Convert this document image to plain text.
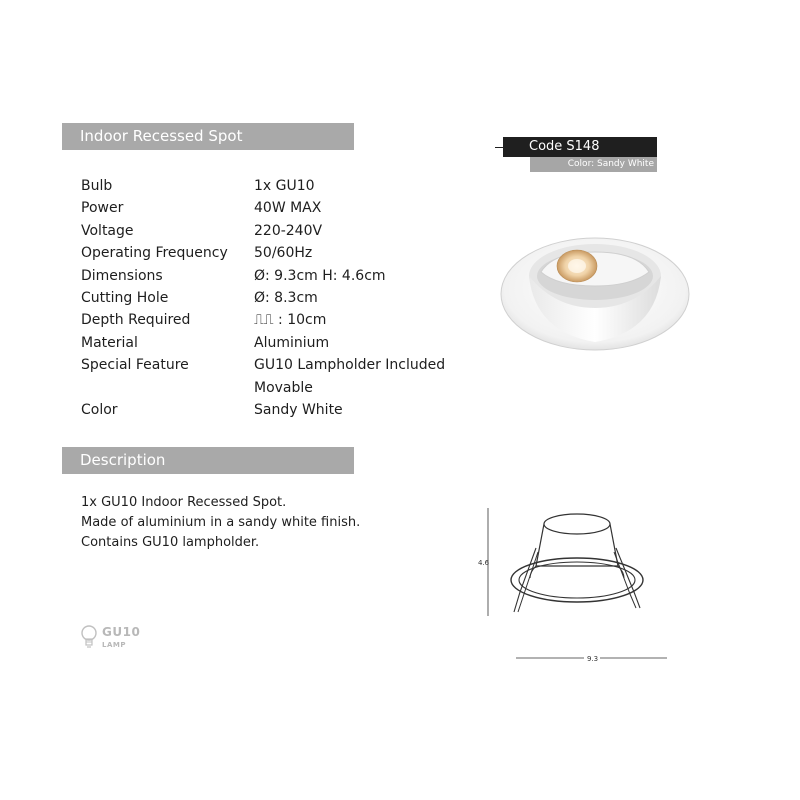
Indoor Recessed Spot
Bulb	1x GU10
Power	40W MAX
Voltage	220-240V
Operating Frequency	50/60Hz
Dimensions	Ø: 9.3cm H: 4.6cm
Cutting Hole	Ø: 8.3cm
Depth Required	⎍⎍ : 10cm
Material	Aluminium
Special Feature	GU10 Lampholder Included
Movable
Color	Sandy White
Description
1x GU10 Indoor Recessed Spot.
Made of aluminium in a sandy white finish.
Contains GU10 lampholder.
Code S148
Color: Sandy White
4.6
9.3
GU10
LAMP
